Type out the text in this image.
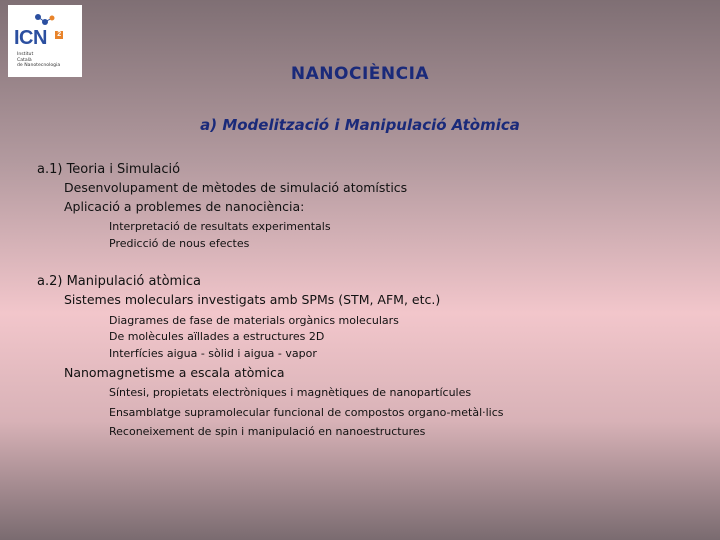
ICN	2
Institut
Català
de Nanotecnologia	NANOCIÈNCIA
a) Modelització i Manipulació Atòmica
a.1) Teoria i Simulació
Desenvolupament de mètodes de simulació atomístics
Aplicació a problemes de nanociència:
Interpretació de resultats experimentals
Predicció de nous efectes
a.2) Manipulació atòmica
Sistemes moleculars investigats amb SPMs (STM, AFM, etc.)
Diagrames de fase de materials orgànics moleculars
De molècules aïllades a estructures 2D
Interfícies aigua - sòlid i aigua - vapor
Nanomagnetisme a escala atòmica
Síntesi, propietats electròniques i magnètiques de nanopartícules
Ensamblatge supramolecular funcional de compostos organo-metàl·lics
Reconeixement de spin i manipulació en nanoestructures
